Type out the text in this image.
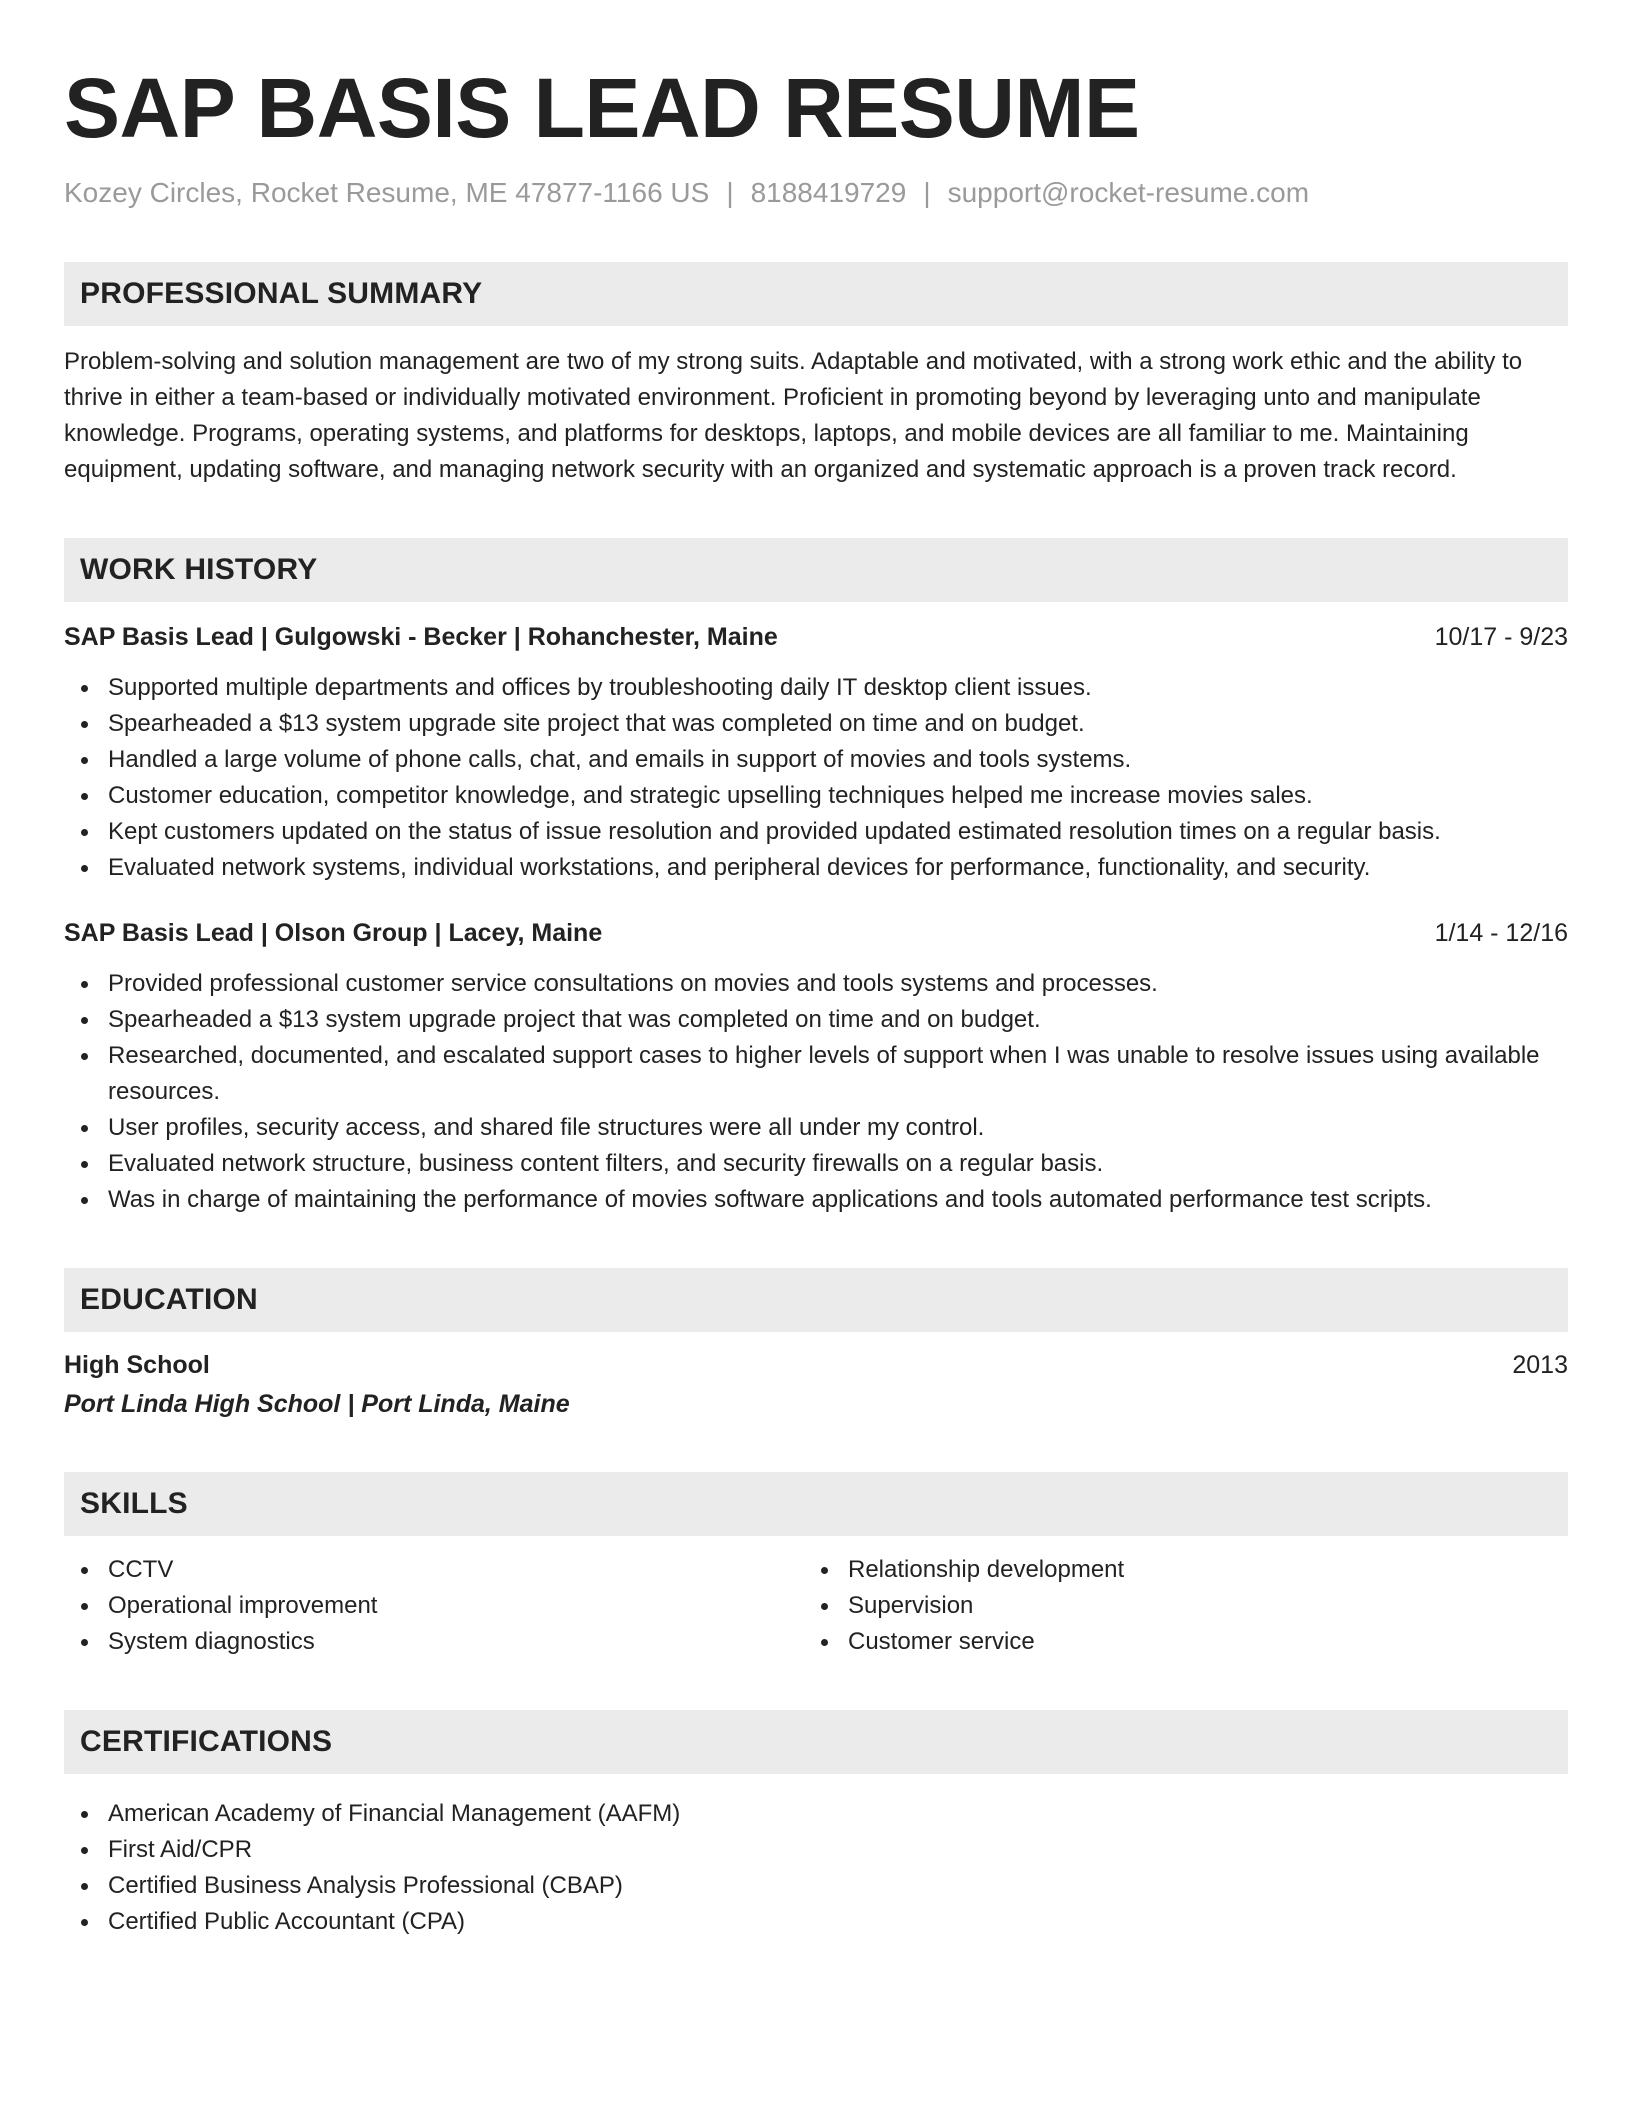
SAP BASIS LEAD RESUME
Kozey Circles, Rocket Resume, ME 47877-1166 US | 8188419729 | support@rocket-resume.com
PROFESSIONAL SUMMARY

Problem-solving and solution management are two of my strong suits. Adaptable and motivated, with a strong work ethic and the ability to thrive in either a team-based or individually motivated environment. Proficient in promoting beyond by leveraging unto and manipulate knowledge. Programs, operating systems, and platforms for desktops, laptops, and mobile devices are all familiar to me. Maintaining equipment, updating software, and managing network security with an organized and systematic approach is a proven track record.

WORK HISTORY
SAP Basis Lead | Gulgowski - Becker | Rohanchester, Maine	10/17 - 9/23
Supported multiple departments and offices by troubleshooting daily IT desktop client issues.
Spearheaded a $13 system upgrade site project that was completed on time and on budget.
Handled a large volume of phone calls, chat, and emails in support of movies and tools systems.
Customer education, competitor knowledge, and strategic upselling techniques helped me increase movies sales.
Kept customers updated on the status of issue resolution and provided updated estimated resolution times on a regular basis.
Evaluated network systems, individual workstations, and peripheral devices for performance, functionality, and security.
SAP Basis Lead | Olson Group | Lacey, Maine	1/14 - 12/16
Provided professional customer service consultations on movies and tools systems and processes.
Spearheaded a $13 system upgrade project that was completed on time and on budget.
Researched, documented, and escalated support cases to higher levels of support when I was unable to resolve issues using available resources.
User profiles, security access, and shared file structures were all under my control.
Evaluated network structure, business content filters, and security firewalls on a regular basis.
Was in charge of maintaining the performance of movies software applications and tools automated performance test scripts.
EDUCATION
High School	2013
Port Linda High School | Port Linda, Maine
SKILLS
CCTV
Operational improvement
System diagnostics
Relationship development
Supervision
Customer service
CERTIFICATIONS
American Academy of Financial Management (AAFM)
First Aid/CPR
Certified Business Analysis Professional (CBAP)
Certified Public Accountant (CPA)
